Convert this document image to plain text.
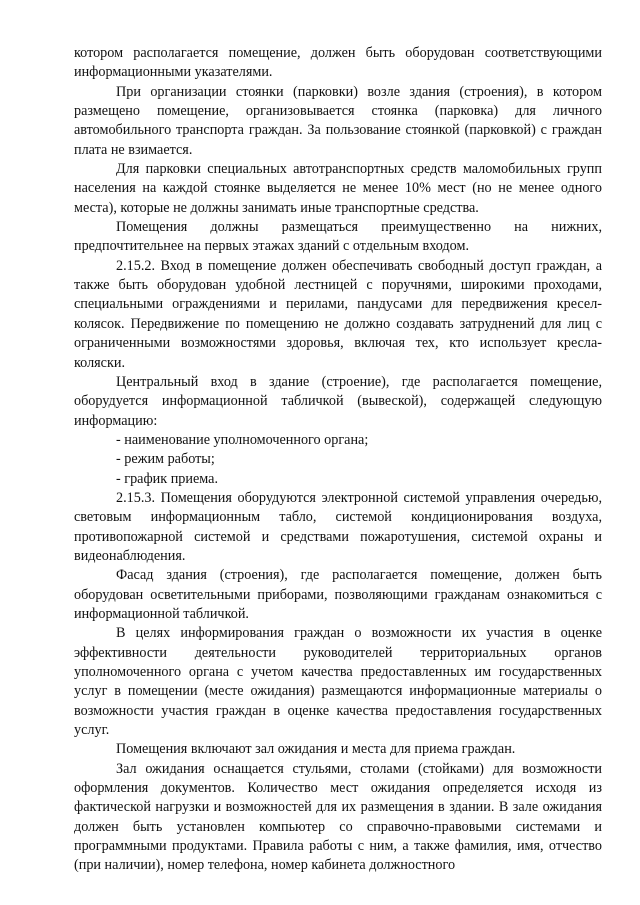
котором располагается помещение, должен быть оборудован соответствующими информационными указателями.

При организации стоянки (парковки) возле здания (строения), в котором размещено помещение, организовывается стоянка (парковка) для личного автомобильного транспорта граждан. За пользование стоянкой (парковкой) с граждан плата не взимается.

Для парковки специальных автотранспортных средств маломобильных групп населения на каждой стоянке выделяется не менее 10% мест (но не менее одного места), которые не должны занимать иные транспортные средства.

Помещения должны размещаться преимущественно на нижних, предпочтительнее на первых этажах зданий с отдельным входом.

2.15.2. Вход в помещение должен обеспечивать свободный доступ граждан, а также быть оборудован удобной лестницей с поручнями, широкими проходами, специальными ограждениями и перилами, пандусами для передвижения кресел-колясок. Передвижение по помещению не должно создавать затруднений для лиц с ограниченными возможностями здоровья, включая тех, кто использует кресла-коляски.

Центральный вход в здание (строение), где располагается помещение, оборудуется информационной табличкой (вывеской), содержащей следующую информацию:

- наименование уполномоченного органа;

- режим работы;

- график приема.

2.15.3. Помещения оборудуются электронной системой управления очередью, световым информационным табло, системой кондиционирования воздуха, противопожарной системой и средствами пожаротушения, системой охраны и видеонаблюдения.

Фасад здания (строения), где располагается помещение, должен быть оборудован осветительными приборами, позволяющими гражданам ознакомиться с информационной табличкой.

В целях информирования граждан о возможности их участия в оценке эффективности деятельности руководителей территориальных органов уполномоченного органа с учетом качества предоставленных им государственных услуг в помещении (месте ожидания) размещаются информационные материалы о возможности участия граждан в оценке качества предоставления государственных услуг.

Помещения включают зал ожидания и места для приема граждан.

Зал ожидания оснащается стульями, столами (стойками) для возможности оформления документов. Количество мест ожидания определяется исходя из фактической нагрузки и возможностей для их размещения в здании. В зале ожидания должен быть установлен компьютер со справочно-правовыми системами и программными продуктами. Правила работы с ним, а также фамилия, имя, отчество (при наличии), номер телефона, номер кабинета должностного
